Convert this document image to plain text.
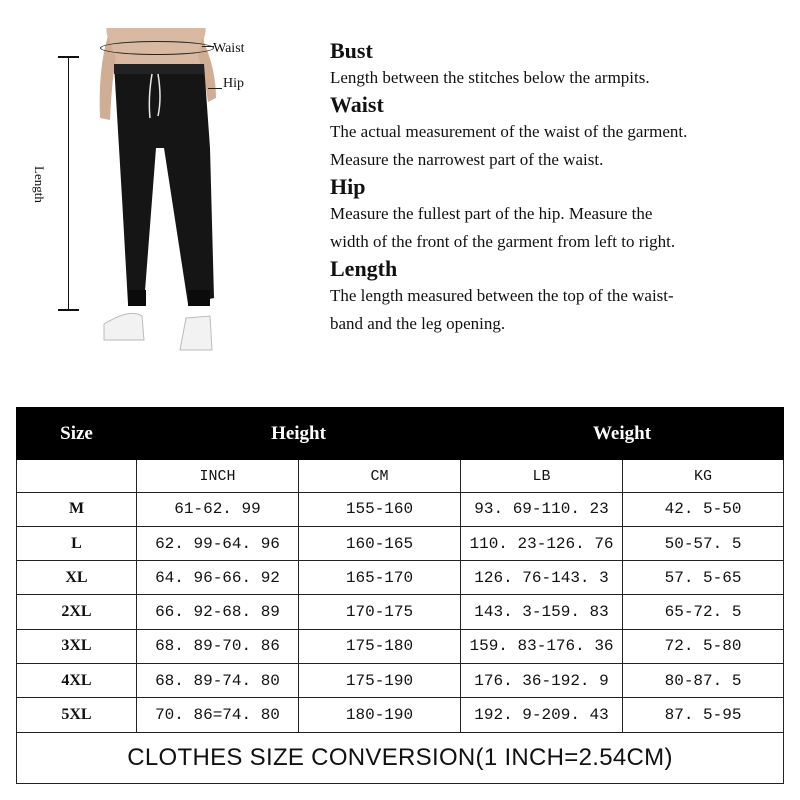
Waist
Hip
Length
Bust
Length between the stitches below the armpits.
Waist
The actual measurement of the waist of the garment.
Measure the narrowest part of the waist.
Hip
Measure the fullest part of the hip. Measure the
width of the front of the garment from left to right.
Length
The length measured between the top of the waist-
band and the leg opening.
Size	Height		Weight	
	INCH	CM	LB	KG
M	61-62. 99	155-160	93. 69-110. 23	42. 5-50
L	62. 99-64. 96	160-165	110. 23-126. 76	50-57. 5
XL	64. 96-66. 92	165-170	126. 76-143. 3	57. 5-65
2XL	66. 92-68. 89	170-175	143. 3-159. 83	65-72. 5
3XL	68. 89-70. 86	175-180	159. 83-176. 36	72. 5-80
4XL	68. 89-74. 80	175-190	176. 36-192. 9	80-87. 5
5XL	70. 86=74. 80	180-190	192. 9-209. 43	87. 5-95
CLOTHES SIZE CONVERSION(1 INCH=2.54CM)				
